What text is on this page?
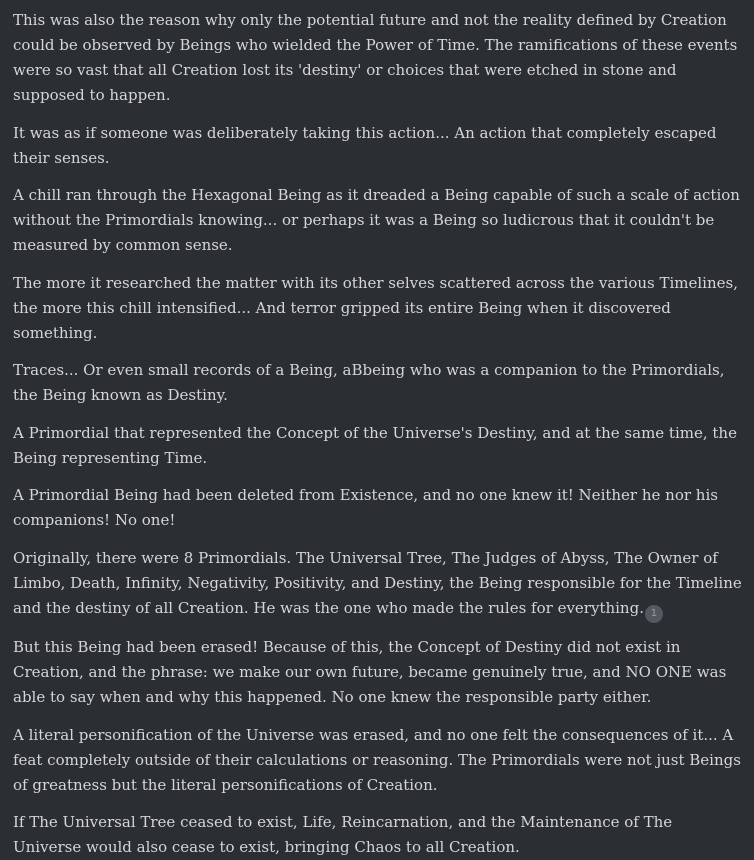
This was also the reason why only the potential future and not the reality defined by Creation could be observed by Beings who wielded the Power of Time. The ramifications of these events were so vast that all Creation lost its 'destiny' or choices that were etched in stone and supposed to happen.

It was as if someone was deliberately taking this action... An action that completely escaped their senses.

A chill ran through the Hexagonal Being as it dreaded a Being capable of such a scale of action without the Primordials knowing... or perhaps it was a Being so ludicrous that it couldn't be measured by common sense.

The more it researched the matter with its other selves scattered across the various Timelines, the more this chill intensified... And terror gripped its entire Being when it discovered something.

Traces... Or even small records of a Being, aBbeing who was a companion to the Primordials, the Being known as Destiny.

A Primordial that represented the Concept of the Universe's Destiny, and at the same time, the Being representing Time.

A Primordial Being had been deleted from Existence, and no one knew it! Neither he nor his companions! No one!

Originally, there were 8 Primordials. The Universal Tree, The Judges of Abyss, The Owner of Limbo, Death, Infinity, Negativity, Positivity, and Destiny, the Being responsible for the Timeline and the destiny of all Creation. He was the one who made the rules for everything. 1

But this Being had been erased! Because of this, the Concept of Destiny did not exist in Creation, and the phrase: we make our own future, became genuinely true, and NO ONE was able to say when and why this happened. No one knew the responsible party either.

A literal personification of the Universe was erased, and no one felt the consequences of it... A feat completely outside of their calculations or reasoning. The Primordials were not just Beings of greatness but the literal personifications of Creation.

If The Universal Tree ceased to exist, Life, Reincarnation, and the Maintenance of The Universe would also cease to exist, bringing Chaos to all Creation.
